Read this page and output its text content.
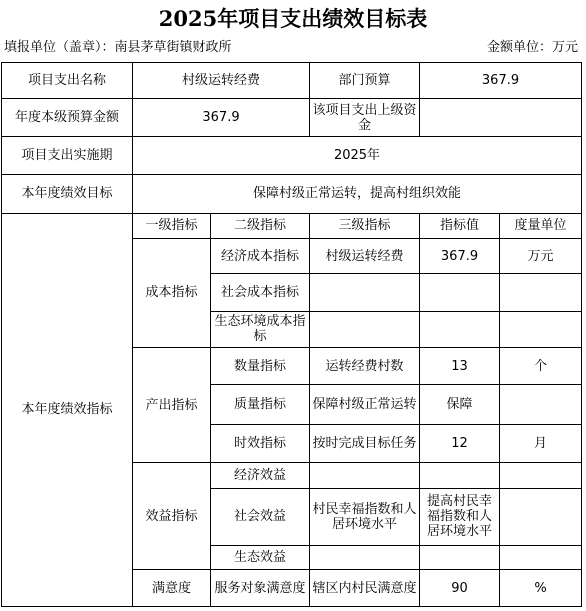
2025年项目支出绩效目标表
填报单位（盖章）：南县茅草街镇财政所	金额单位：万元
项目支出名称	村级运转经费		部门预算	367.9	
年度本级预算金额	367.9		该项目支出上级资金		
项目支出实施期	2025年				
本年度绩效目标	保障村级正常运转，提高村组织效能				
本年度绩效指标	一级指标	二级指标	三级指标	指标值	度量单位
	成本指标	经济成本指标	村级运转经费	367.9	万元
		社会成本指标			
		生态环境成本指标			
	产出指标	数量指标	运转经费村数	13	个
		质量指标	保障村级正常运转	保障	
		时效指标	按时完成目标任务	12	月
	效益指标	经济效益			
		社会效益	村民幸福指数和人居环境水平	提高村民幸福指数和人居环境水平	
		生态效益			
	满意度	服务对象满意度	辖区内村民满意度	90	%
